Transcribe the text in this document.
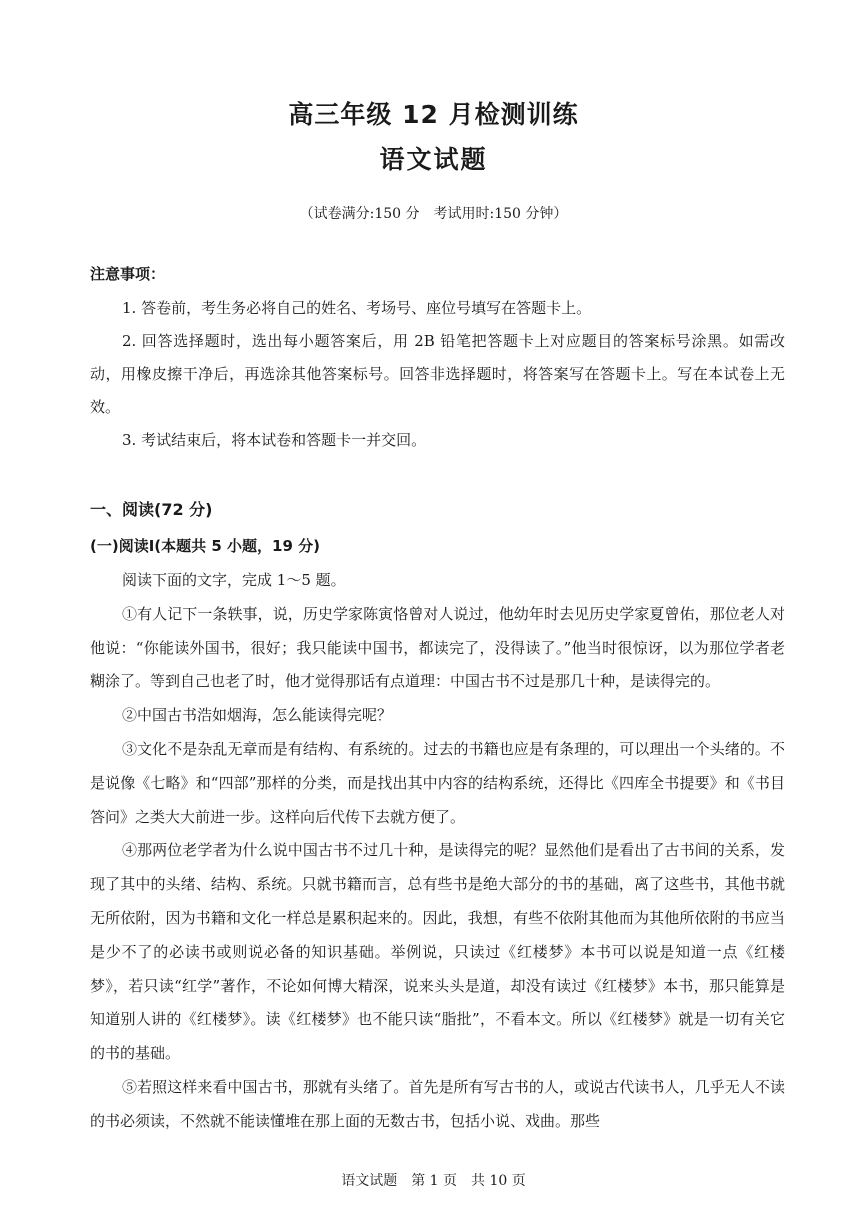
高三年级 12 月检测训练
语文试题
（试卷满分:150 分　考试用时:150 分钟）
注意事项：
1. 答卷前，考生务必将自己的姓名、考场号、座位号填写在答题卡上。
2. 回答选择题时，选出每小题答案后，用 2B 铅笔把答题卡上对应题目的答案标号涂黑。如需改动，用橡皮擦干净后，再选涂其他答案标号。回答非选择题时，将答案写在答题卡上。写在本试卷上无效。
3. 考试结束后，将本试卷和答题卡一并交回。
一、阅读(72 分)
(一)阅读Ⅰ(本题共 5 小题，19 分)

阅读下面的文字，完成 1～5 题。

①有人记下一条轶事，说，历史学家陈寅恪曾对人说过，他幼年时去见历史学家夏曾佑，那位老人对他说：“你能读外国书，很好；我只能读中国书，都读完了，没得读了。”他当时很惊讶，以为那位学者老糊涂了。等到自己也老了时，他才觉得那话有点道理：中国古书不过是那几十种，是读得完的。

②中国古书浩如烟海，怎么能读得完呢？

③文化不是杂乱无章而是有结构、有系统的。过去的书籍也应是有条理的，可以理出一个头绪的。不是说像《七略》和“四部”那样的分类，而是找出其中内容的结构系统，还得比《四库全书提要》和《书目答问》之类大大前进一步。这样向后代传下去就方便了。

④那两位老学者为什么说中国古书不过几十种，是读得完的呢？显然他们是看出了古书间的关系，发现了其中的头绪、结构、系统。只就书籍而言，总有些书是绝大部分的书的基础，离了这些书，其他书就无所依附，因为书籍和文化一样总是累积起来的。因此，我想，有些不依附其他而为其他所依附的书应当是少不了的必读书或则说必备的知识基础。举例说，只读过《红楼梦》本书可以说是知道一点《红楼梦》，若只读“红学”著作，不论如何博大精深，说来头头是道，却没有读过《红楼梦》本书，那只能算是知道别人讲的《红楼梦》。读《红楼梦》也不能只读“脂批”，不看本文。所以《红楼梦》就是一切有关它的书的基础。

⑤若照这样来看中国古书，那就有头绪了。首先是所有写古书的人，或说古代读书人，几乎无人不读的书必须读，不然就不能读懂堆在那上面的无数古书，包括小说、戏曲。那些

语文试题　第 1 页　共 10 页
